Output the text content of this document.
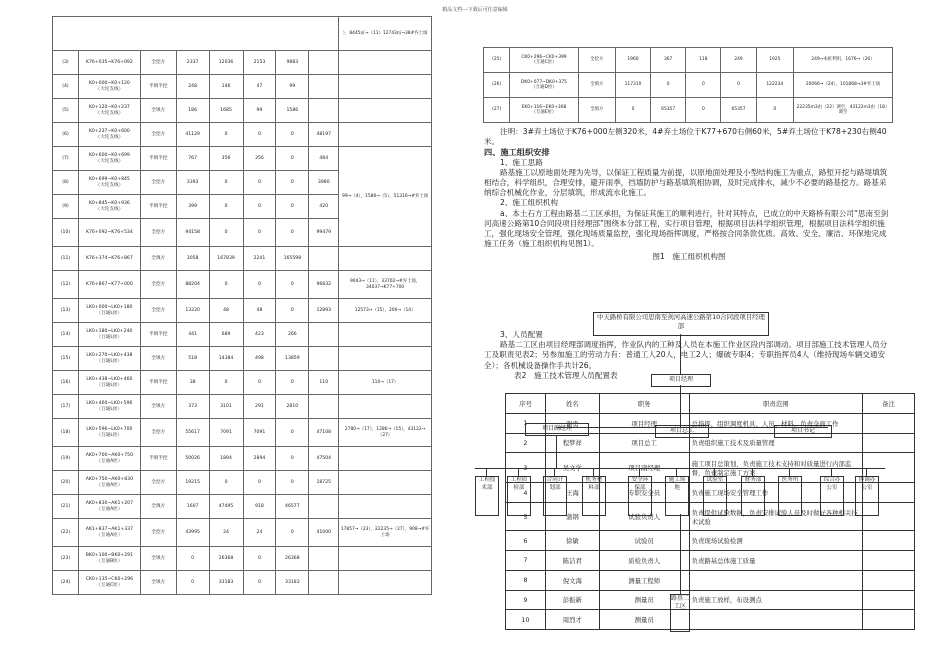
精品文档---下载后可任意编辑
								），8445㎥→（11）12743㎥→38#弃土场
(3)	K76+035~K76+092	全挖方	2337	12036	2153	9883		
(4)	K0+000~K0+120
（大坨支线）	半填半挖	248	146	47	99		
(5)	K0+120~K0+237
（大坨支线）	全填方	186	1685	99	1586		
(6)	K0+237~K0+600
（大坨支线）	全挖方	41129	0	0	0	48197	
(7)	K0+600~K0+699
（大坨支线）	半填半挖	767	356	356	0	484	99→（4），1586→（5），51316→#弃土场
(8)	K0+699~K0+845
（大坨支线）	全挖方	3393	0	0	0	3980	
(9)	K0+845~K0+936
（大坨支线）	半填半挖	399	0	0	0	420	
(10)	K76+092~K76+534	全挖方	94158	0	0	0	99479	
(11)	K76+374~K76+867	全填方	3058	167839	2241	165598		
(12)	K76+867~K77+000	全挖方	88204	0	0	0	96832	9043→（11），33702→#弃土场，34037→K77+700
(13)	LK0+000~LK0+180
（互通L匝）	全挖方	13220	48	48	0	12893	12573→（15），206→（14）
(14)	LK0+180~LK0+240
（互通L匝）	半填半挖	441	689	423	266		
(15)	LK0+270~LK0+438
（互通L匝）	全填方	518	14384	498	13859		
(16)	LK0+438~LK0+460
（互通L匝）	半填半挖	38	0	0	0	110	110→（17）
(17)	LK0+460~LK0+596
（互通L匝）	全填方	373	3101	291	2810		
(18)	LK0+596~LK0+700
（互通L匝）	全挖方	55617	7091	7091	0	47108	2780→（17），1286→（15），43122→（27）
(19)	AK0+700~AK0+750
（互通A匝）	半填半挖	50026	1894	2894	0	47504	
(20)	AK0+750~AK0+830
（互通A匝）	全挖方	19215	0	0	0	18725	
(21)	AK0+830~AK1+207
（互通A匝）	全填方	1607	47495	918	46577		
(22)	AK1+837~AK1+337
（互通A匝）	全挖方	43995	24	24	0	41000	17857→（23），22235→（27），908→#弃土场
(23)	BK0+100~BK0+291
（互通B匝）	全填方	0	26368	0	26368		
(24)	CK0+135~CK0+296
（互通C匝）	全填方	0	33183	0	33183		
(25)	CK0+296~CK0+399
（互通C匝）	全挖方	1960	367	118	249	1925	249→本桩利用，1676→（26）
(26)	DK0+077~DK0+375
（互通D匝）	全填方	117310	0	0	0	122234	20066→（24），101868→3#弃土场
(27)	EK0+116~EK0+368
（互通E匝）	全填方	0	65357	0	65357	0	22235m3由（22）调至，43122m3由（18）调至

注明：3#弃土场位于K76+000左侧320米，4#弃土场位于K77+670右侧60米，5#弃土场位于K78+230右侧40米。

四、施工组织安排

1、施工思路

路基施工以原地面处理为先导，以保证工程质量为前提，以原地面处理及小型结构施工为重点，路堑开挖与路堤填筑相结合，科学组织，合理安排，避开雨季，挡墙防护与路基填筑相协调，及时完成排水，减少不必要的路基挖方。路基采纳综合机械化作业，分层填筑，形成流水化施工。

2、施工组织机构

a、本土石方工程由路基二工区承担，为保证其施工的顺利进行，针对其特点，已成立的中天路桥有限公司“思南至剑河高速公路第10合同段项目经理部”围绕本分部工程，实行项目管理，根据项目法科学组织管理，根据项目法科学组织施工，强化现场安全管理，强化现场质量监控，强化现场指挥调度，严格按合同条款优质、高效、安全、廉洁、环保地完成施工任务（施工组织机构见图1）。

图1　施工组织机构图

3、人员配置

路基二工区由项目经理部调度指挥，作业队内的工种及人员在本施工作业区段内部调动。项目部施工技术管理人员分工及职责见表2；另参加施工的劳动力有：普通工人20人，电工2人；爆破专职4；专职指挥员4人（维持现场车辆交通安全）；各机械设备操作手共计26。

表2　施工技术管理人员配置表

序号	姓名	职务	职责范围	备注
1	谢勇	项目经理	总指挥，组织调度机具、人员、材料，负责全面工作	
2	程梦祥	项目总工	负责组织施工技术及质量管理	
3	吴文学	项目副经理	施工项目总策划，负责施工技术支持和对质量进行内部监督，负责制定施工方案	
4	王海	专职安全员	负责施工现场安全管理工作	
5	蒲钢	试验负责人	负责提供试验数据，负责安排试验人员及时做好各种相关技术试验	
6	徐敏	试验员	负责现场试验检测	
7	陈洁君	质检负责人	负责路基总体施工质量	
8	倪文海	测量工程师		
9	彭振新	测量员	负责施工放样，布设测点	
10	周烈才	测量员		
中天路桥有限公司思南至剑河高速公路第10合同段项目经理部
项目经理
项目副经理	项目总工	项目书记
工程技术部
工程质检部
合同计划部
机务材料部
安全环保部
施工场地
试验室	财务部	医务所	综合办公室
协调办公室
路基二工区
